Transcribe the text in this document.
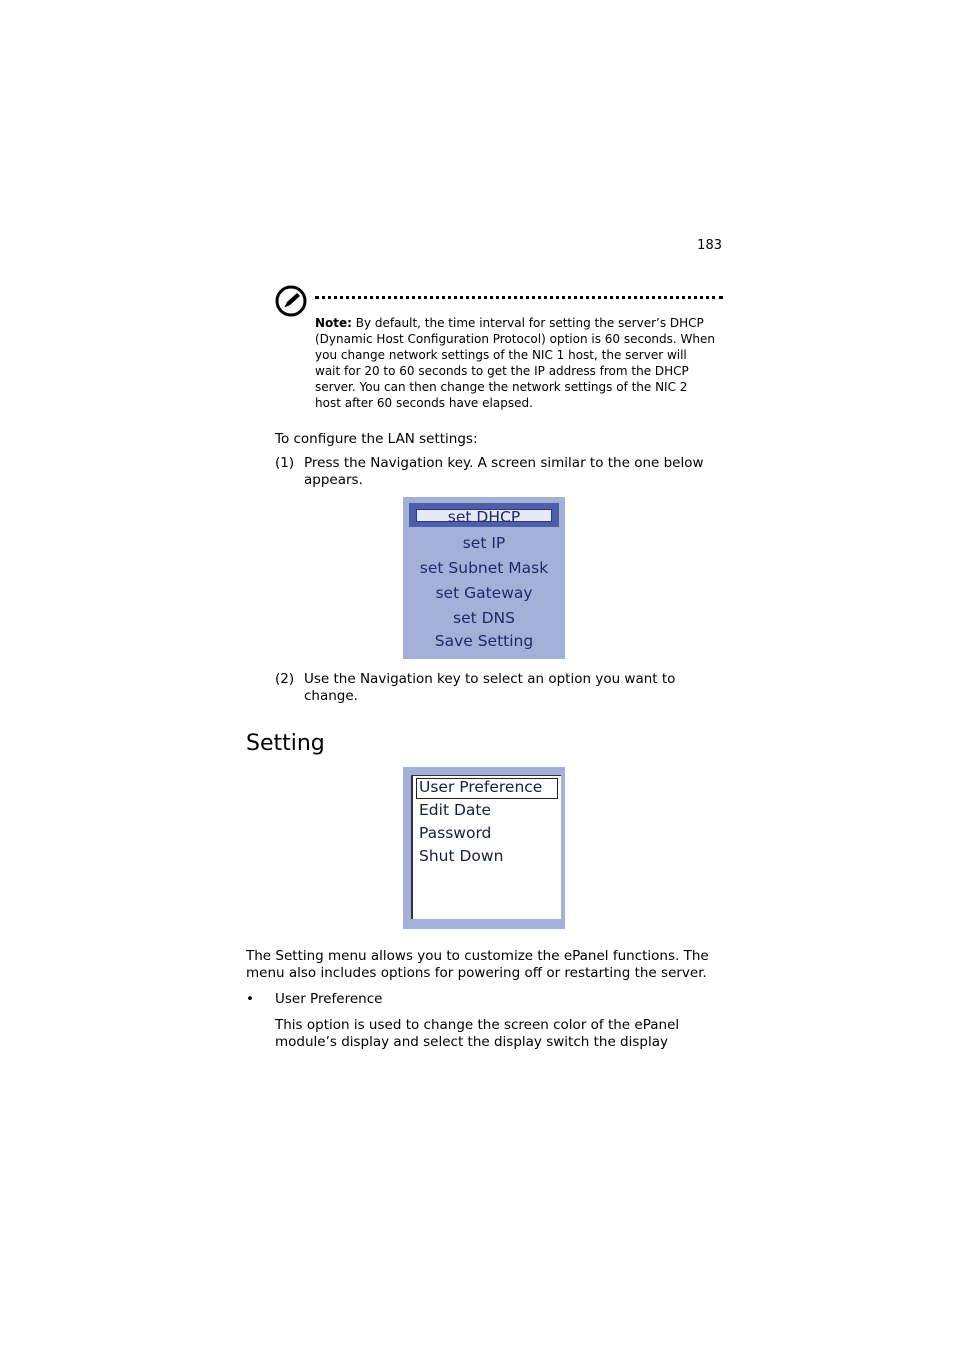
183
Note: By default, the time interval for setting the server’s DHCP (Dynamic Host Configuration Protocol) option is 60 seconds. When you change network settings of the NIC 1 host, the server will wait for 20 to 60 seconds to get the IP address from the DHCP server. You can then change the network settings of the NIC 2 host after 60 seconds have elapsed.
To configure the LAN settings:
(1) Press the Navigation key. A screen similar to the one below appears.
set DHCP
set IP
set Subnet Mask
set Gateway
set DNS
Save Setting
(2) Use the Navigation key to select an option you want to change.
Setting
User Preference
Edit Date
Password
Shut Down
The Setting menu allows you to customize the ePanel functions. The menu also includes options for powering off or restarting the server.
• User Preference
This option is used to change the screen color of the ePanel module’s display and select the display switch the display
